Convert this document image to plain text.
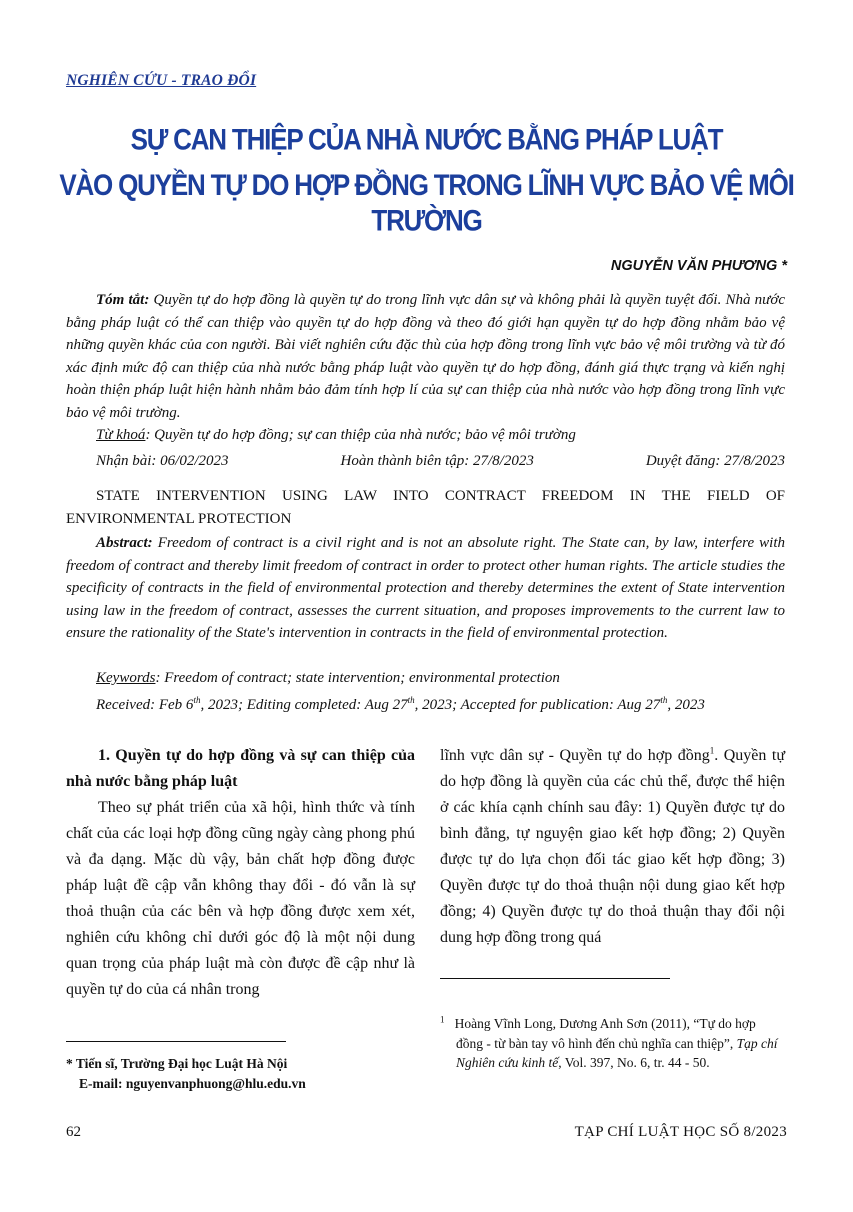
NGHIÊN CỨU - TRAO ĐỔI
SỰ CAN THIỆP CỦA NHÀ NƯỚC BẰNG PHÁP LUẬT
VÀO QUYỀN TỰ DO HỢP ĐỒNG TRONG LĨNH VỰC BẢO VỆ MÔI TRƯỜNG
NGUYỄN VĂN PHƯƠNG *
Tóm tắt: Quyền tự do hợp đồng là quyền tự do trong lĩnh vực dân sự và không phải là quyền tuyệt đối. Nhà nước bằng pháp luật có thể can thiệp vào quyền tự do hợp đồng và theo đó giới hạn quyền tự do hợp đồng nhằm bảo vệ những quyền khác của con người. Bài viết nghiên cứu đặc thù của hợp đồng trong lĩnh vực bảo vệ môi trường và từ đó xác định mức độ can thiệp của nhà nước bằng pháp luật vào quyền tự do hợp đồng, đánh giá thực trạng và kiến nghị hoàn thiện pháp luật hiện hành nhằm bảo đảm tính hợp lí của sự can thiệp của nhà nước vào hợp đồng trong lĩnh vực bảo vệ môi trường.
Từ khoá: Quyền tự do hợp đồng; sự can thiệp của nhà nước; bảo vệ môi trường
Nhận bài: 06/02/2023	Hoàn thành biên tập: 27/8/2023	Duyệt đăng: 27/8/2023
STATE INTERVENTION USING LAW INTO CONTRACT FREEDOM IN THE FIELD OF ENVIRONMENTAL PROTECTION
Abstract: Freedom of contract is a civil right and is not an absolute right. The State can, by law, interfere with freedom of contract and thereby limit freedom of contract in order to protect other human rights. The article studies the specificity of contracts in the field of environmental protection and thereby determines the extent of State intervention using law in the freedom of contract, assesses the current situation, and proposes improvements to the current law to ensure the rationality of the State's intervention in contracts in the field of environmental protection.
Keywords: Freedom of contract; state intervention; environmental protection
Received: Feb 6th, 2023; Editing completed: Aug 27th, 2023; Accepted for publication: Aug 27th, 2023
1. Quyền tự do hợp đồng và sự can thiệp của nhà nước bằng pháp luật
Theo sự phát triển của xã hội, hình thức và tính chất của các loại hợp đồng cũng ngày càng phong phú và đa dạng. Mặc dù vậy, bản chất hợp đồng được pháp luật đề cập vẫn không thay đổi - đó vẫn là sự thoả thuận của các bên và hợp đồng được xem xét, nghiên cứu không chỉ dưới góc độ là một nội dung quan trọng của pháp luật mà còn được đề cập như là quyền tự do của cá nhân trong
lĩnh vực dân sự - Quyền tự do hợp đồng$^1$. Quyền tự do hợp đồng là quyền của các chủ thể, được thể hiện ở các khía cạnh chính sau đây: 1) Quyền được tự do bình đẳng, tự nguyện giao kết hợp đồng; 2) Quyền được tự do lựa chọn đối tác giao kết hợp đồng; 3) Quyền được tự do thoả thuận nội dung giao kết hợp đồng; 4) Quyền được tự do thoả thuận thay đổi nội dung hợp đồng trong quá
* Tiến sĩ, Trường Đại học Luật Hà Nội
E-mail: nguyenvanphuong@hlu.edu.vn
$^1$ Hoàng Vĩnh Long, Dương Anh Sơn (2011), “Tự do hợp đồng - từ bàn tay vô hình đến chủ nghĩa can thiệp”, Tạp chí Nghiên cứu kinh tế, Vol. 397, No. 6, tr. 44 - 50.
62	TẠP CHÍ LUẬT HỌC SỐ 8/2023
